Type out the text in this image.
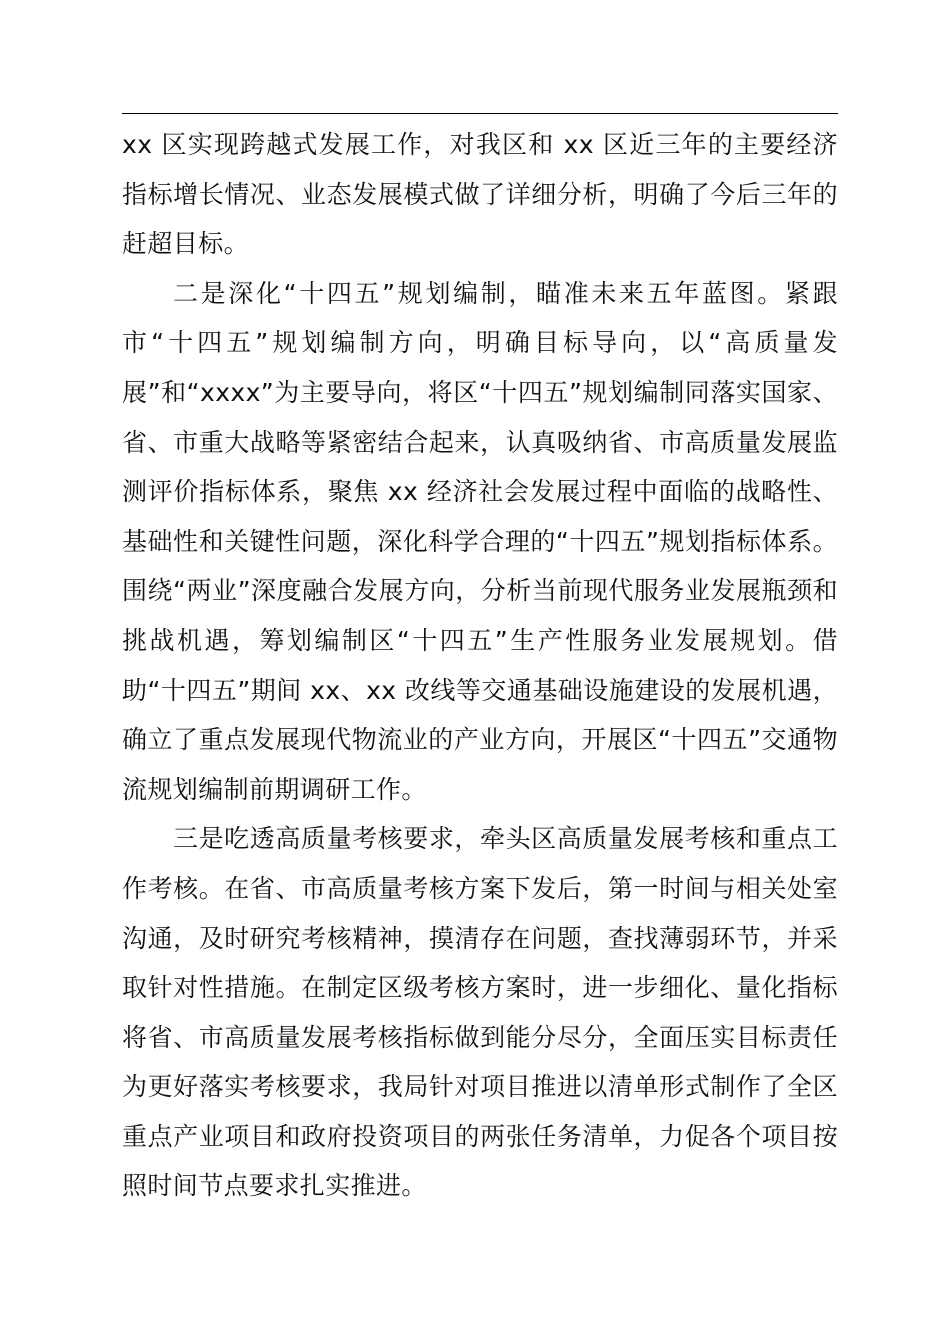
xx 区实现跨越式发展工作，对我区和 xx 区近三年的主要经济指标增长情况、业态发展模式做了详细分析，明确了今后三年的赶超目标。

二是深化“十四五”规划编制，瞄准未来五年蓝图。紧跟市“十四五”规划编制方向，明确目标导向，以“高质量发展”和“xxxx”为主要导向，将区“十四五”规划编制同落实国家、省、市重大战略等紧密结合起来，认真吸纳省、市高质量发展监测评价指标体系，聚焦 xx 经济社会发展过程中面临的战略性、基础性和关键性问题，深化科学合理的“十四五”规划指标体系。围绕“两业”深度融合发展方向，分析当前现代服务业发展瓶颈和挑战机遇，筹划编制区“十四五”生产性服务业发展规划。借助“十四五”期间 xx、xx 改线等交通基础设施建设的发展机遇，确立了重点发展现代物流业的产业方向，开展区“十四五”交通物流规划编制前期调研工作。

三是吃透高质量考核要求，牵头区高质量发展考核和重点工作考核。在省、市高质量考核方案下发后，第一时间与相关处室沟通，及时研究考核精神，摸清存在问题，查找薄弱环节，并采取针对性措施。在制定区级考核方案时，进一步细化、量化指标将省、市高质量发展考核指标做到能分尽分，全面压实目标责任为更好落实考核要求，我局针对项目推进以清单形式制作了全区重点产业项目和政府投资项目的两张任务清单，力促各个项目按照时间节点要求扎实推进。
